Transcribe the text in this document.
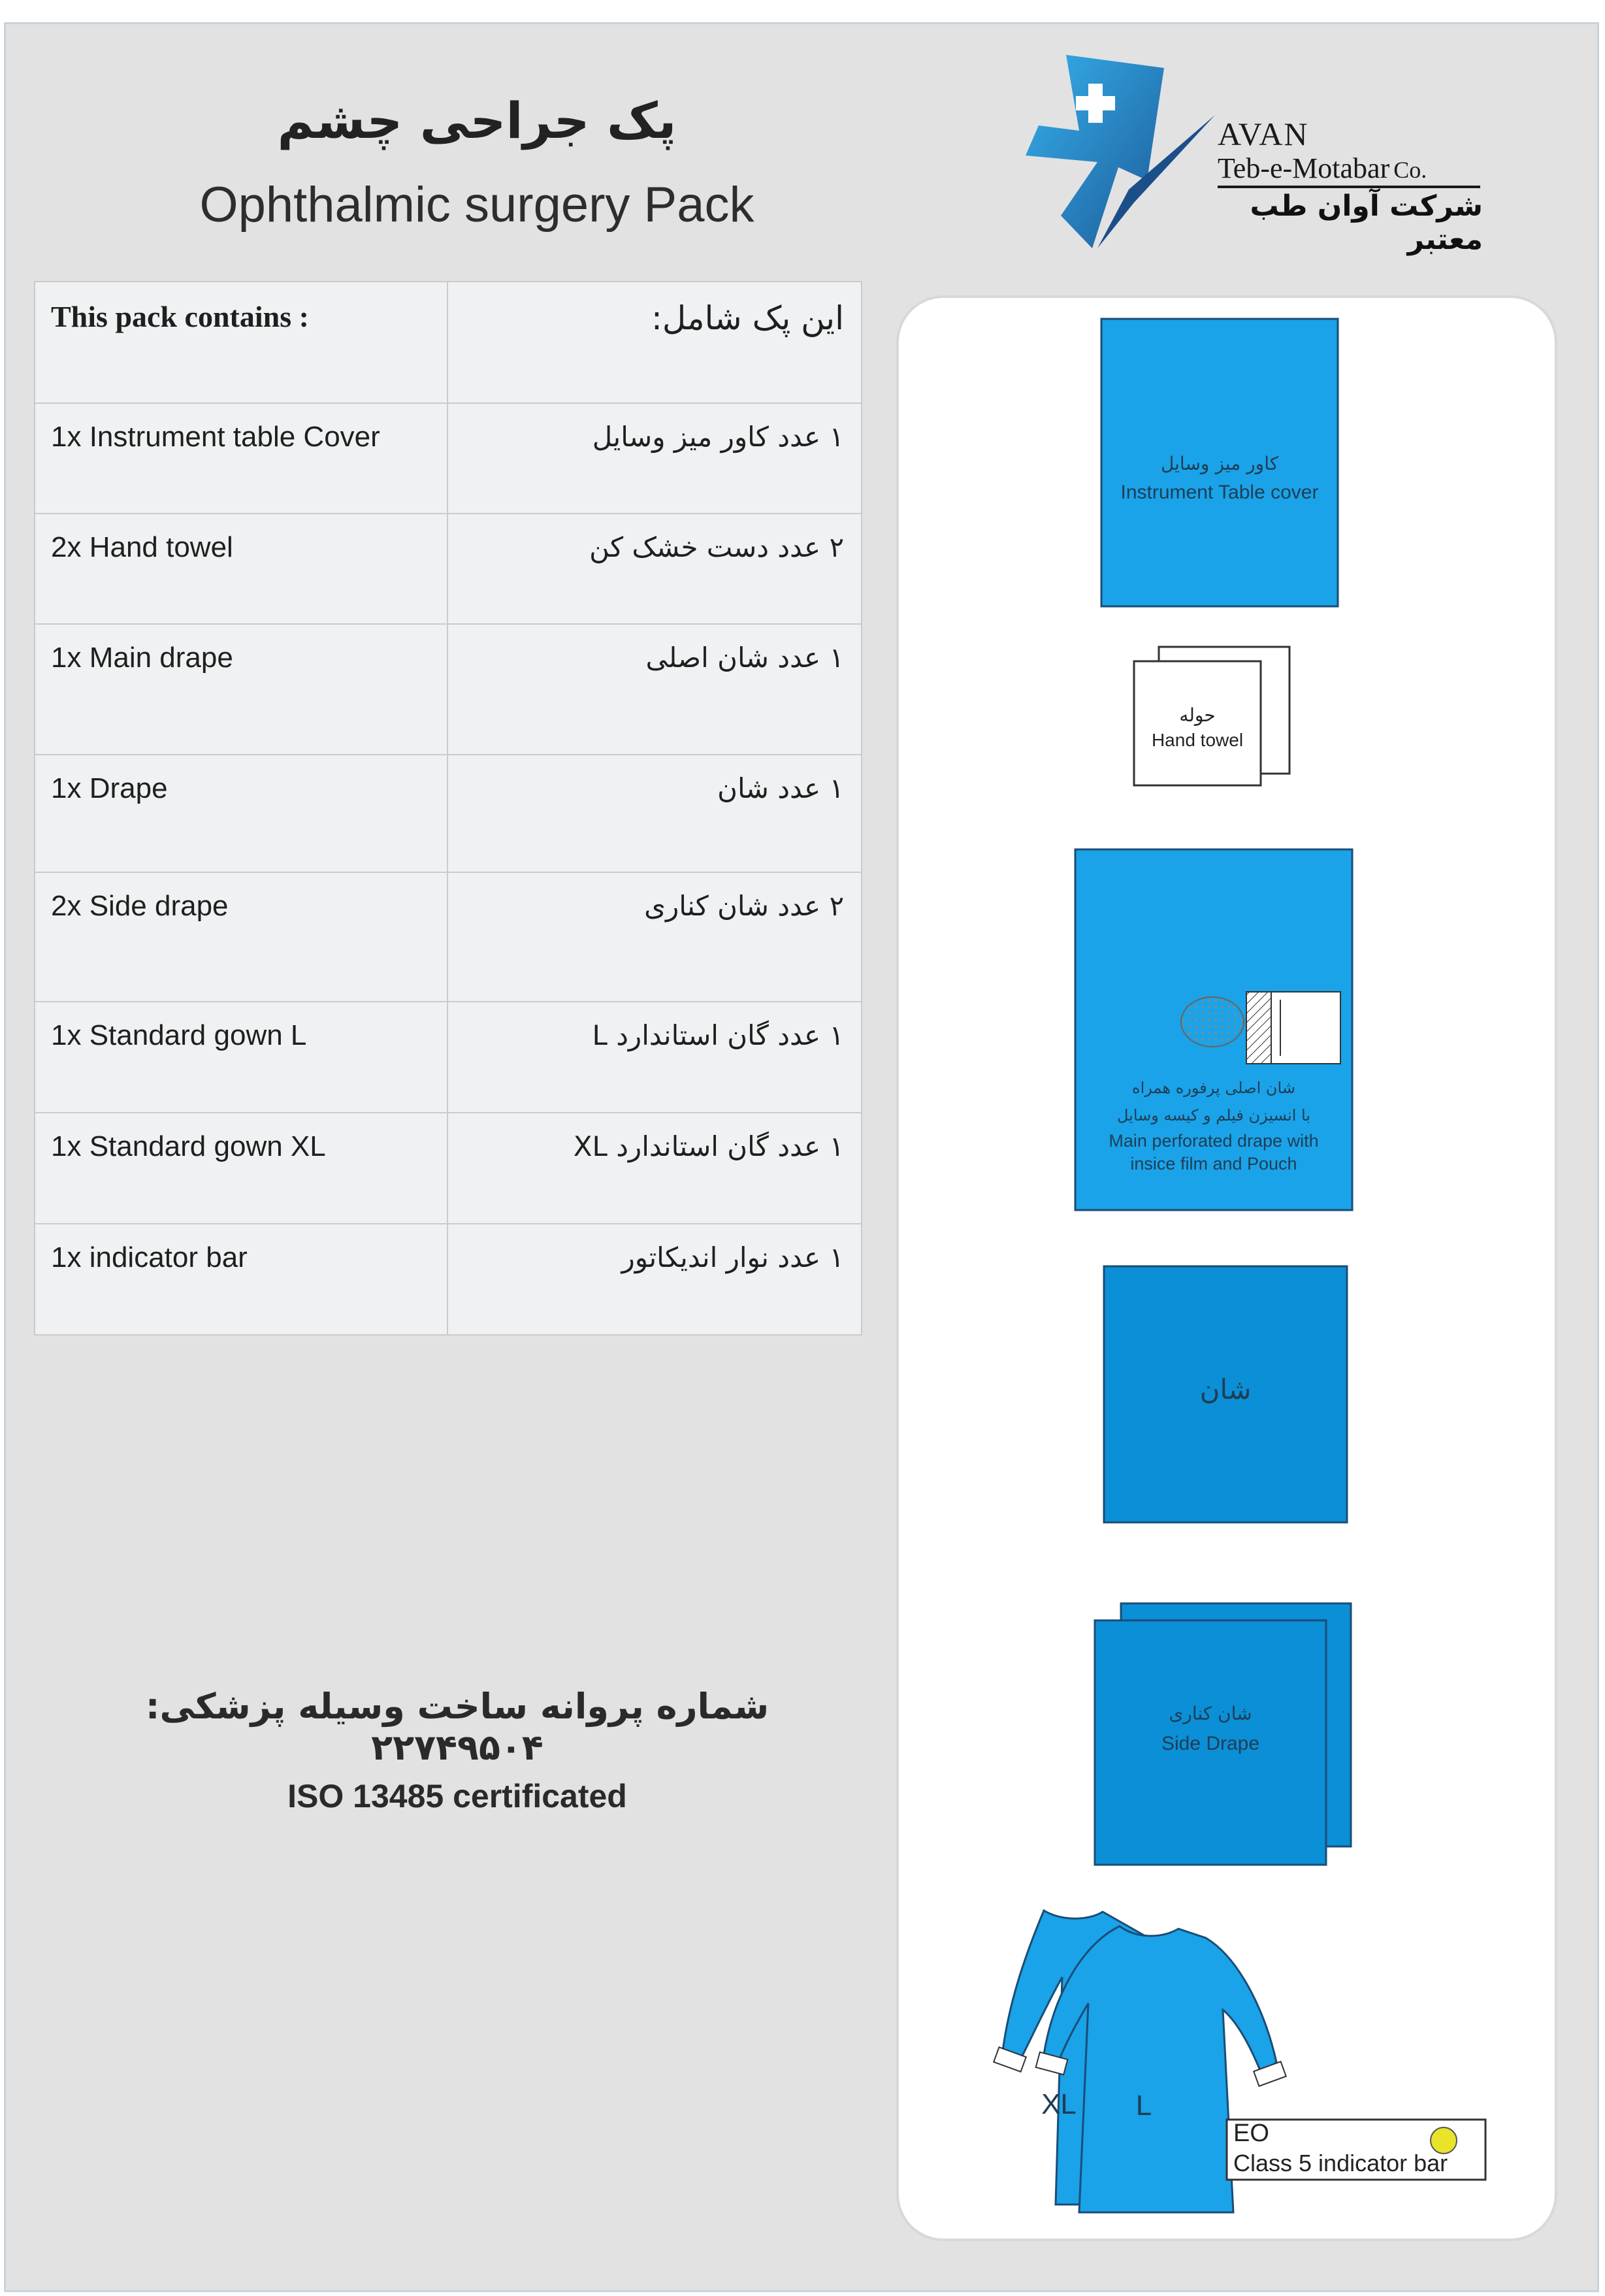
پک جراحی چشم
Ophthalmic surgery Pack
AVAN
Teb-e-Motabar Co.
شرکت آوان طب معتبر
This pack contains :	این پک شامل:
1x Instrument table Cover	۱ عدد کاور میز وسایل
2x Hand towel	۲ عدد دست خشک کن
1x Main drape	۱ عدد شان اصلی
1x Drape	۱ عدد شان
2x Side drape	۲ عدد شان کناری
1x Standard gown L	۱ عدد گان استاندارد L
1x Standard gown XL	۱ عدد گان استاندارد XL
1x indicator bar	۱ عدد نوار اندیکاتور
شماره پروانه ساخت وسیله پزشکی: ۲۲۷۴۹۵۰۴
ISO 13485 certificated
کاور میز وسایل
Instrument Table cover
حوله
Hand towel
شان اصلی پرفوره همراه
با انسیزن فیلم و کیسه وسایل
Main perforated drape with
insice film and Pouch
شان
شان کناری
Side Drape
XL	L
EO
Class 5 indicator bar
